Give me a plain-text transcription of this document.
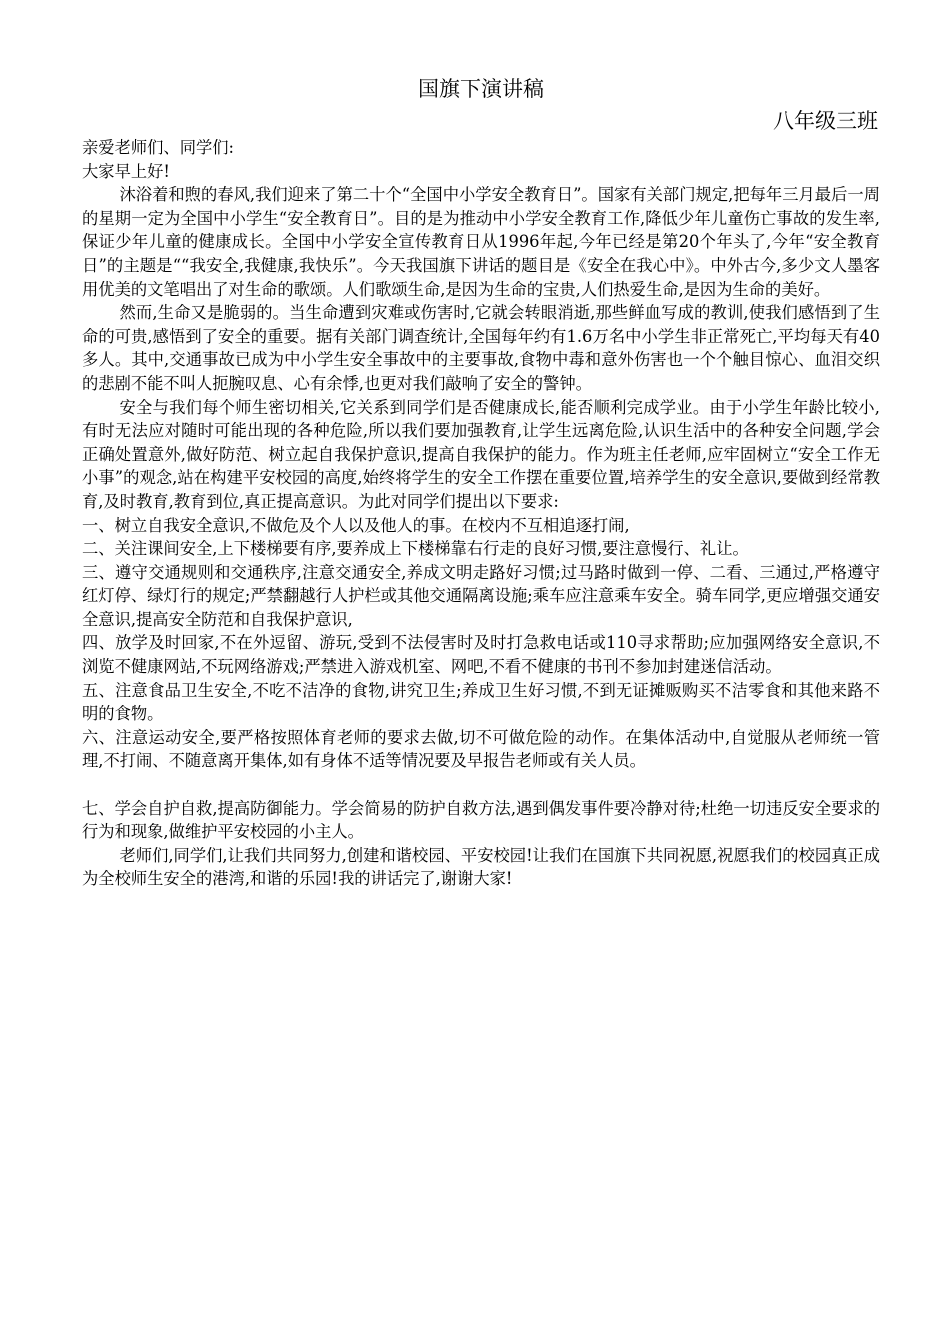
国旗下演讲稿

八年级三班

亲爱老师们、同学们:

大家早上好!

沐浴着和煦的春风,我们迎来了第二十个“全国中小学安全教育日”。国家有关部门规定,把每年三月最后一周的星期一定为全国中小学生“安全教育日”。目的是为推动中小学安全教育工作,降低少年儿童伤亡事故的发生率,保证少年儿童的健康成长。全国中小学安全宣传教育日从1996年起,今年已经是第20个年头了,今年“安全教育日”的主题是““我安全,我健康,我快乐”。今天我国旗下讲话的题目是《安全在我心中》。中外古今,多少文人墨客用优美的文笔唱出了对生命的歌颂。人们歌颂生命,是因为生命的宝贵,人们热爱生命,是因为生命的美好。

然而,生命又是脆弱的。当生命遭到灾难或伤害时,它就会转眼消逝,那些鲜血写成的教训,使我们感悟到了生命的可贵,感悟到了安全的重要。据有关部门调查统计,全国每年约有1.6万名中小学生非正常死亡,平均每天有40多人。其中,交通事故已成为中小学生安全事故中的主要事故,食物中毒和意外伤害也一个个触目惊心、血泪交织的悲剧不能不叫人扼腕叹息、心有余悸,也更对我们敲响了安全的警钟。

安全与我们每个师生密切相关,它关系到同学们是否健康成长,能否顺利完成学业。由于小学生年龄比较小,有时无法应对随时可能出现的各种危险,所以我们要加强教育,让学生远离危险,认识生活中的各种安全问题,学会正确处置意外,做好防范、树立起自我保护意识,提高自我保护的能力。作为班主任老师,应牢固树立“安全工作无小事”的观念,站在构建平安校园的高度,始终将学生的安全工作摆在重要位置,培养学生的安全意识,要做到经常教育,及时教育,教育到位,真正提高意识。为此对同学们提出以下要求:

一、树立自我安全意识,不做危及个人以及他人的事。在校内不互相追逐打闹,

二、关注课间安全,上下楼梯要有序,要养成上下楼梯靠右行走的良好习惯,要注意慢行、礼让。

三、遵守交通规则和交通秩序,注意交通安全,养成文明走路好习惯;过马路时做到一停、二看、三通过,严格遵守红灯停、绿灯行的规定;严禁翻越行人护栏或其他交通隔离设施;乘车应注意乘车安全。骑车同学,更应增强交通安全意识,提高安全防范和自我保护意识,

四、放学及时回家,不在外逗留、游玩,受到不法侵害时及时打急救电话或110寻求帮助;应加强网络安全意识,不浏览不健康网站,不玩网络游戏;严禁进入游戏机室、网吧,不看不健康的书刊不参加封建迷信活动。

五、注意食品卫生安全,不吃不洁净的食物,讲究卫生;养成卫生好习惯,不到无证摊贩购买不洁零食和其他来路不明的食物。

六、注意运动安全,要严格按照体育老师的要求去做,切不可做危险的动作。在集体活动中,自觉服从老师统一管理,不打闹、不随意离开集体,如有身体不适等情况要及早报告老师或有关人员。

七、学会自护自救,提高防御能力。学会简易的防护自救方法,遇到偶发事件要冷静对待;杜绝一切违反安全要求的行为和现象,做维护平安校园的小主人。

老师们,同学们,让我们共同努力,创建和谐校园、平安校园!让我们在国旗下共同祝愿,祝愿我们的校园真正成为全校师生安全的港湾,和谐的乐园!我的讲话完了,谢谢大家!
